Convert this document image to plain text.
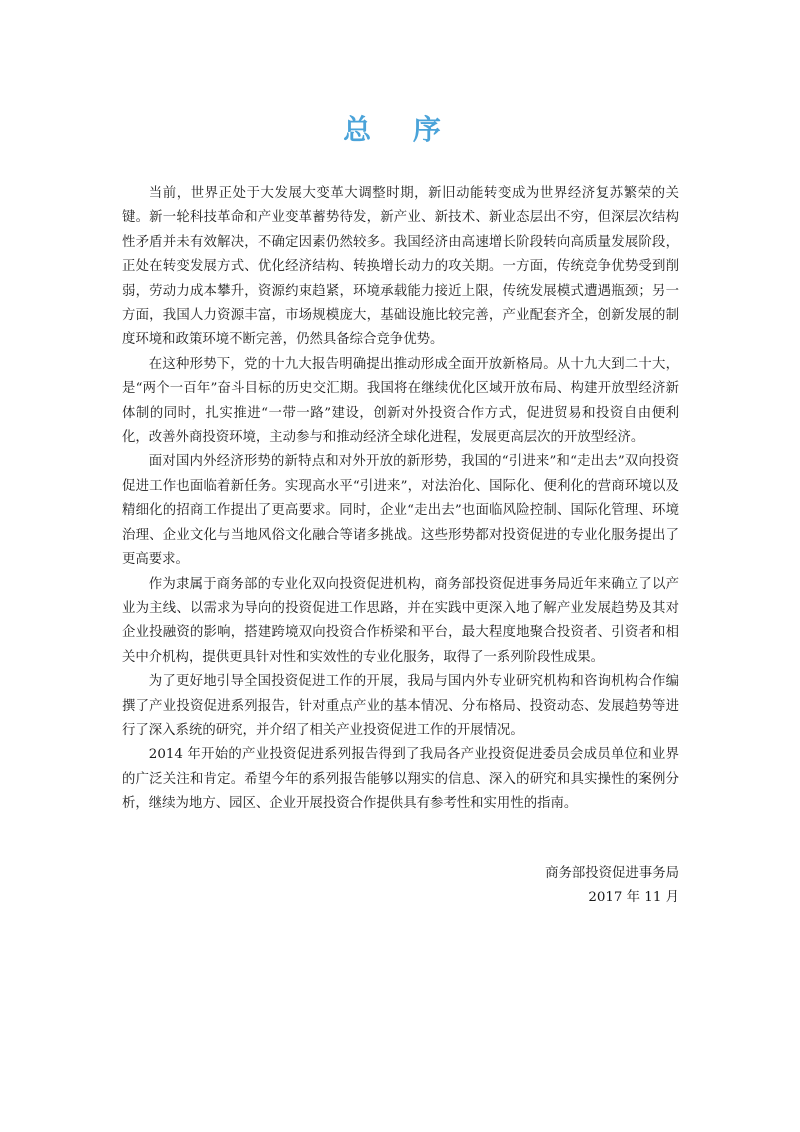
总 序

当前，世界正处于大发展大变革大调整时期，新旧动能转变成为世界经济复苏繁荣的关键。新一轮科技革命和产业变革蓄势待发，新产业、新技术、新业态层出不穷，但深层次结构性矛盾并未有效解决，不确定因素仍然较多。我国经济由高速增长阶段转向高质量发展阶段，正处在转变发展方式、优化经济结构、转换增长动力的攻关期。一方面，传统竞争优势受到削弱，劳动力成本攀升，资源约束趋紧，环境承载能力接近上限，传统发展模式遭遇瓶颈；另一方面，我国人力资源丰富，市场规模庞大，基础设施比较完善，产业配套齐全，创新发展的制度环境和政策环境不断完善，仍然具备综合竞争优势。

在这种形势下，党的十九大报告明确提出推动形成全面开放新格局。从十九大到二十大，是“两个一百年”奋斗目标的历史交汇期。我国将在继续优化区域开放布局、构建开放型经济新体制的同时，扎实推进“一带一路”建设，创新对外投资合作方式，促进贸易和投资自由便利化，改善外商投资环境，主动参与和推动经济全球化进程，发展更高层次的开放型经济。

面对国内外经济形势的新特点和对外开放的新形势，我国的“引进来”和“走出去”双向投资促进工作也面临着新任务。实现高水平“引进来”，对法治化、国际化、便利化的营商环境以及精细化的招商工作提出了更高要求。同时，企业“走出去”也面临风险控制、国际化管理、环境治理、企业文化与当地风俗文化融合等诸多挑战。这些形势都对投资促进的专业化服务提出了更高要求。

作为隶属于商务部的专业化双向投资促进机构，商务部投资促进事务局近年来确立了以产业为主线、以需求为导向的投资促进工作思路，并在实践中更深入地了解产业发展趋势及其对企业投融资的影响，搭建跨境双向投资合作桥梁和平台，最大程度地聚合投资者、引资者和相关中介机构，提供更具针对性和实效性的专业化服务，取得了一系列阶段性成果。

为了更好地引导全国投资促进工作的开展，我局与国内外专业研究机构和咨询机构合作编撰了产业投资促进系列报告，针对重点产业的基本情况、分布格局、投资动态、发展趋势等进行了深入系统的研究，并介绍了相关产业投资促进工作的开展情况。

2014 年开始的产业投资促进系列报告得到了我局各产业投资促进委员会成员单位和业界的广泛关注和肯定。希望今年的系列报告能够以翔实的信息、深入的研究和具实操性的案例分析，继续为地方、园区、企业开展投资合作提供具有参考性和实用性的指南。

商务部投资促进事务局
2017 年 11 月
